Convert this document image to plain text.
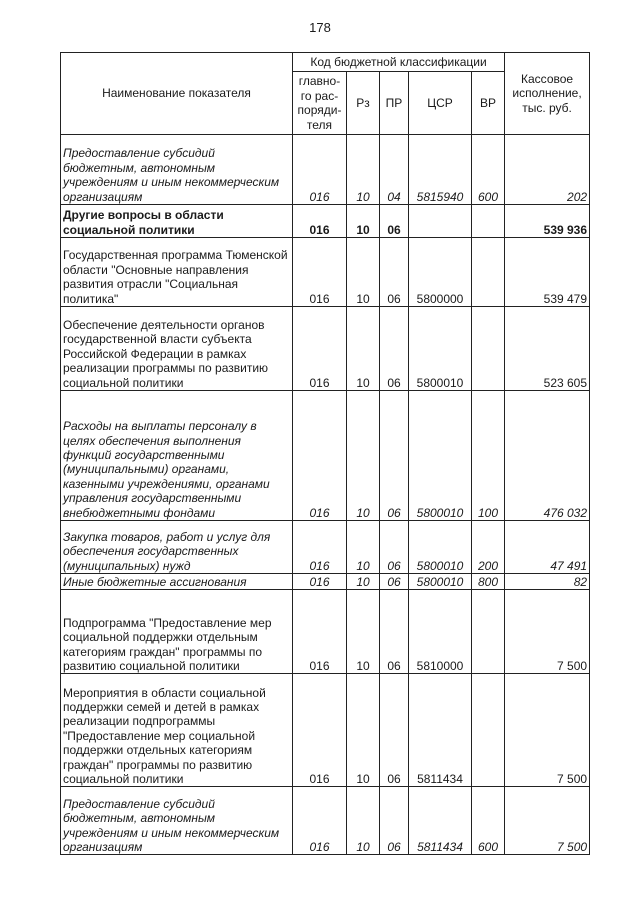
178
Наименование показателя	Код бюджетной классификации					Кассовое исполнение, тыс. руб.
	главно-го рас-поряди-теля	Рз	ПР	ЦСР	ВР	
Предоставление субсидий бюджетным, автономным учреждениям и иным некоммерческим организациям	016	10	04	5815940	600	202
Другие вопросы в области социальной политики	016	10	06			539 936
Государственная программа Тюменской области "Основные направления развития отрасли "Социальная политика"	016	10	06	5800000		539 479
Обеспечение деятельности органов государственной власти субъекта Российской Федерации в рамках реализации программы по развитию социальной политики	016	10	06	5800010		523 605
Расходы на выплаты персоналу в целях обеспечения выполнения функций государственными (муниципальными) органами, казенными учреждениями, органами управления государственными внебюджетными фондами	016	10	06	5800010	100	476 032
Закупка товаров, работ и услуг для обеспечения государственных (муниципальных) нужд	016	10	06	5800010	200	47 491
Иные бюджетные ассигнования	016	10	06	5800010	800	82
Подпрограмма "Предоставление мер социальной поддержки отдельным категориям граждан" программы по развитию социальной политики	016	10	06	5810000		7 500
Мероприятия в области социальной поддержки семей и детей в рамках реализации подпрограммы "Предоставление мер социальной поддержки отдельных категориям граждан" программы по развитию социальной политики	016	10	06	5811434		7 500
Предоставление субсидий бюджетным, автономным учреждениям и иным некоммерческим организациям	016	10	06	5811434	600	7 500
